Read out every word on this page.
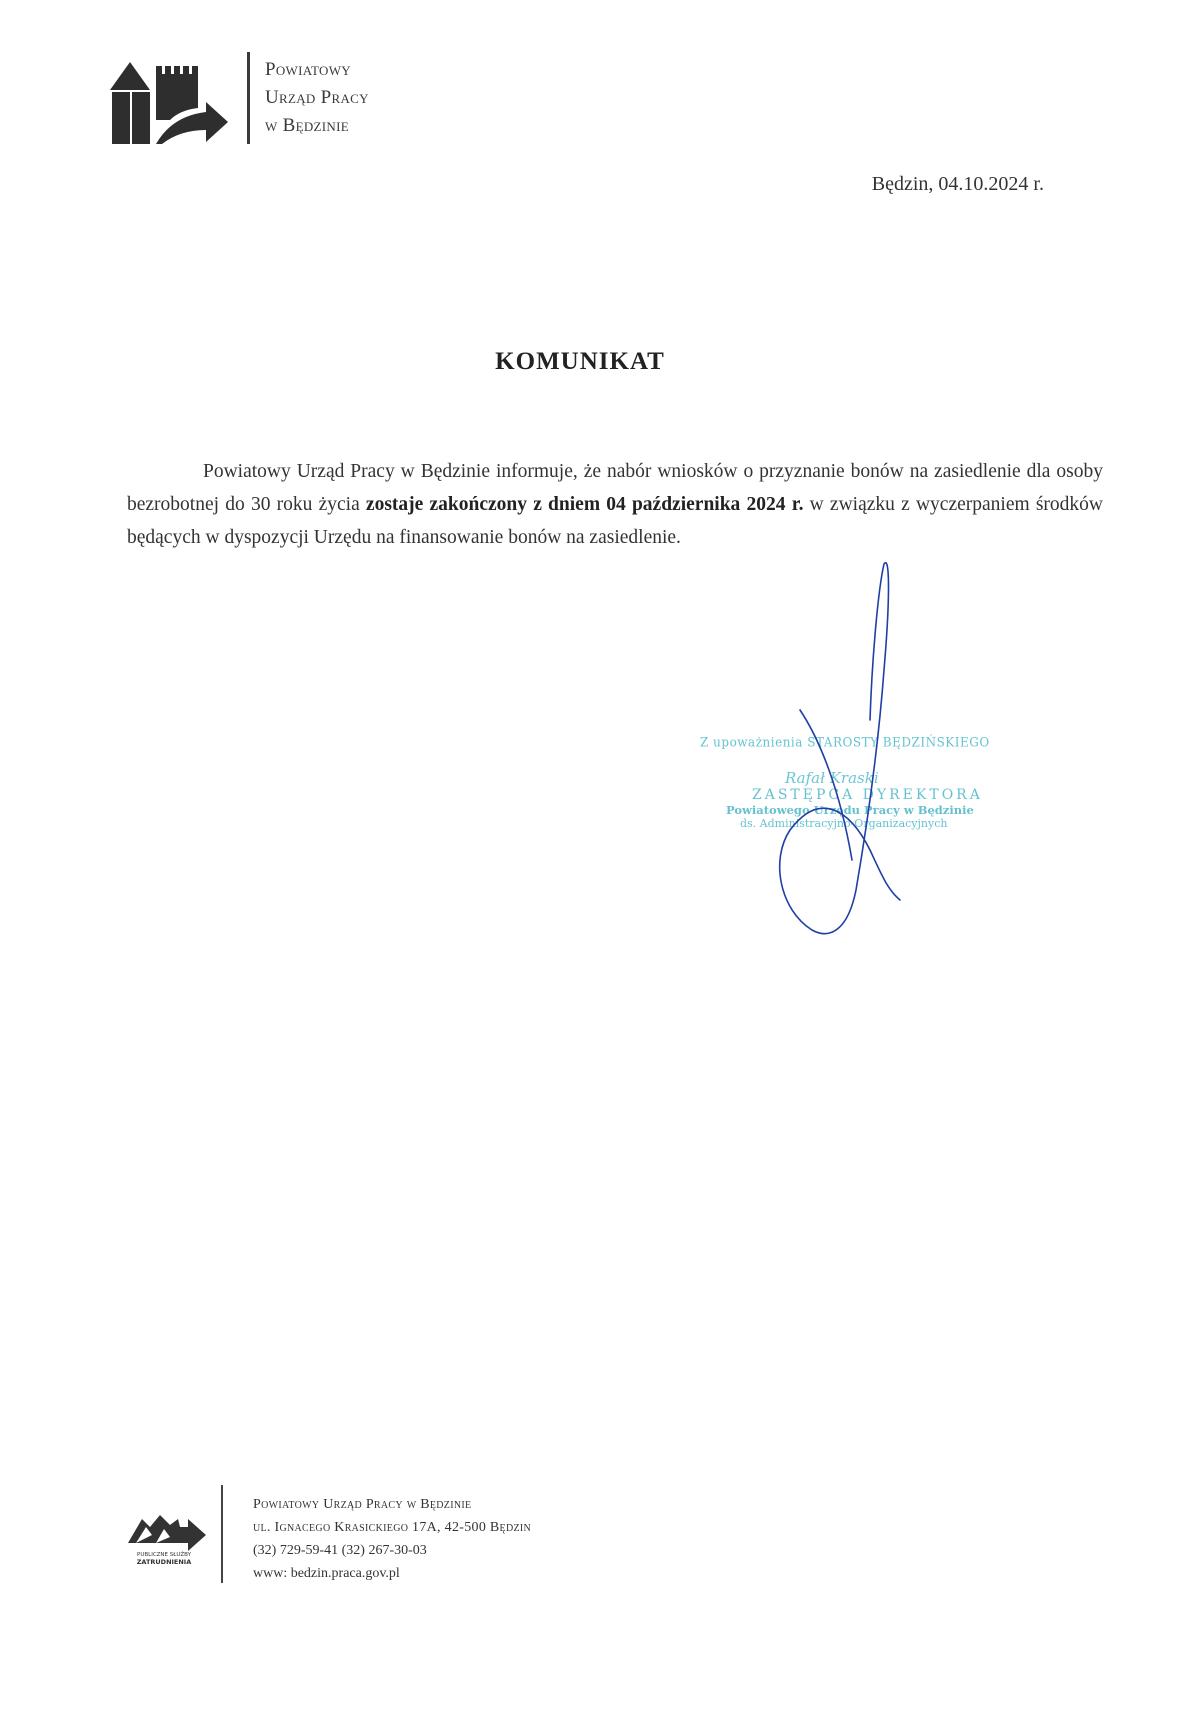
Powiatowy
Urząd Pracy
w Będzinie
Będzin, 04.10.2024 r.
KOMUNIKAT
Powiatowy Urząd Pracy w Będzinie informuje, że nabór wniosków o przyznanie bonów na zasiedlenie dla osoby bezrobotnej do 30 roku życia zostaje zakończony z dniem 04 października 2024 r. w związku z wyczerpaniem środków będących w dyspozycji Urzędu na finansowanie bonów na zasiedlenie.
Z upoważnienia STAROSTY BĘDZIŃSKIEGO
Rafał Kraski
ZASTĘPCA DYREKTORA
Powiatowego Urzędu Pracy w Będzinie
ds. Administracyjno-Organizacyjnych
PUBLICZNE SŁUŻBY
ZATRUDNIENIA
Powiatowy Urząd Pracy w Będzinie
ul. Ignacego Krasickiego 17A, 42-500 Będzin
(32) 729-59-41 (32) 267-30-03
www: bedzin.praca.gov.pl
